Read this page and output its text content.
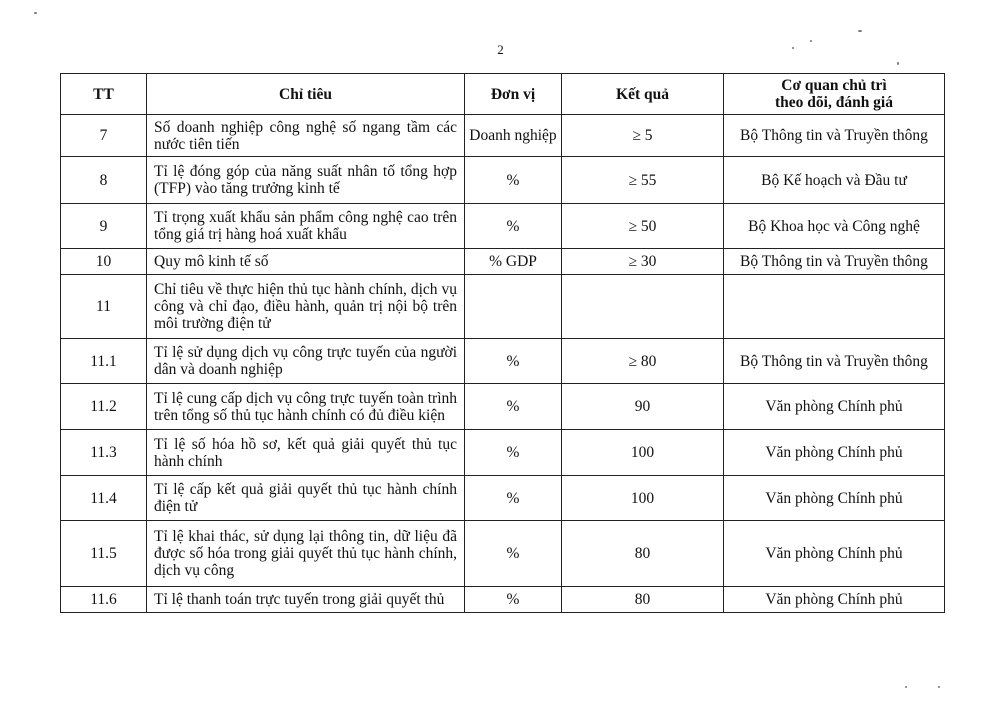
2
TT	Chỉ tiêu	Đơn vị	Kết quả	Cơ quan chủ trì
theo dõi, đánh giá

7	Số doanh nghiệp công nghệ số ngang tầm các nước tiên tiến	Doanh nghiệp	≥ 5	Bộ Thông tin và Truyền thông
8	Tỉ lệ đóng góp của năng suất nhân tố tổng hợp (TFP) vào tăng trưởng kinh tế	%	≥ 55	Bộ Kế hoạch và Đầu tư
9	Tỉ trọng xuất khẩu sản phẩm công nghệ cao trên tổng giá trị hàng hoá xuất khẩu	%	≥ 50	Bộ Khoa học và Công nghệ
10	Quy mô kinh tế số	% GDP	≥ 30	Bộ Thông tin và Truyền thông
11	Chỉ tiêu về thực hiện thủ tục hành chính, dịch vụ công và chỉ đạo, điều hành, quản trị nội bộ trên môi trường điện tử			
11.1	Tỉ lệ sử dụng dịch vụ công trực tuyến của người dân và doanh nghiệp	%	≥ 80	Bộ Thông tin và Truyền thông
11.2	Tỉ lệ cung cấp dịch vụ công trực tuyến toàn trình trên tổng số thủ tục hành chính có đủ điều kiện	%	90	Văn phòng Chính phủ
11.3	Tỉ lệ số hóa hồ sơ, kết quả giải quyết thủ tục hành chính	%	100	Văn phòng Chính phủ
11.4	Tỉ lệ cấp kết quả giải quyết thủ tục hành chính điện tử	%	100	Văn phòng Chính phủ
11.5	Tỉ lệ khai thác, sử dụng lại thông tin, dữ liệu đã được số hóa trong giải quyết thủ tục hành chính, dịch vụ công	%	80	Văn phòng Chính phủ
11.6	Tỉ lệ thanh toán trực tuyến trong giải quyết thủ	%	80	Văn phòng Chính phủ
